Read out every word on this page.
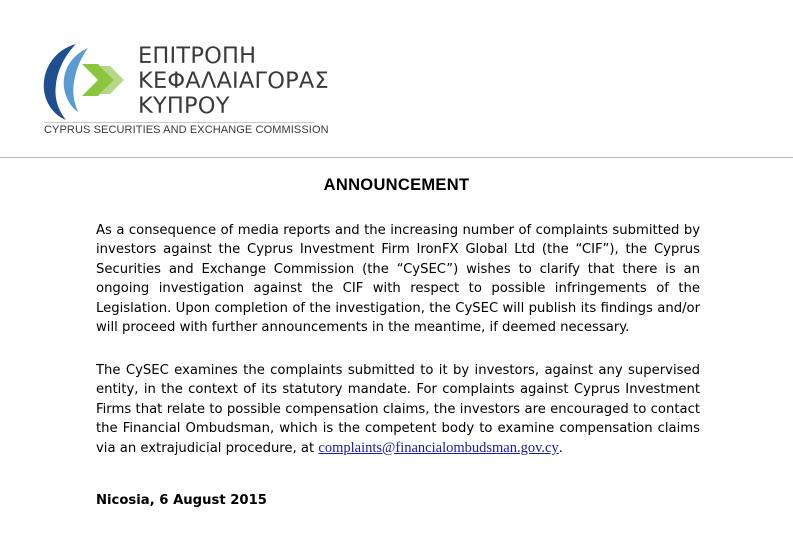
ΕΠΙΤΡΟΠΗ
ΚΕΦΑΛΑΙΑΓΟΡΑΣ
ΚΥΠΡΟΥ
CYPRUS SECURITIES AND EXCHANGE COMMISSION
ANNOUNCEMENT

As a consequence of media reports and the increasing number of complaints submitted by investors against the Cyprus Investment Firm IronFX Global Ltd (the “CIF”), the Cyprus Securities and Exchange Commission (the “CySEC”) wishes to clarify that there is an ongoing investigation against the CIF with respect to possible infringements of the Legislation. Upon completion of the investigation, the CySEC will publish its findings and/or will proceed with further announcements in the meantime, if deemed necessary.

The CySEC examines the complaints submitted to it by investors, against any supervised entity, in the context of its statutory mandate. For complaints against Cyprus Investment Firms that relate to possible compensation claims, the investors are encouraged to contact the Financial Ombudsman, which is the competent body to examine compensation claims via an extrajudicial procedure, at complaints@financialombudsman.gov.cy.

Nicosia, 6 August 2015
